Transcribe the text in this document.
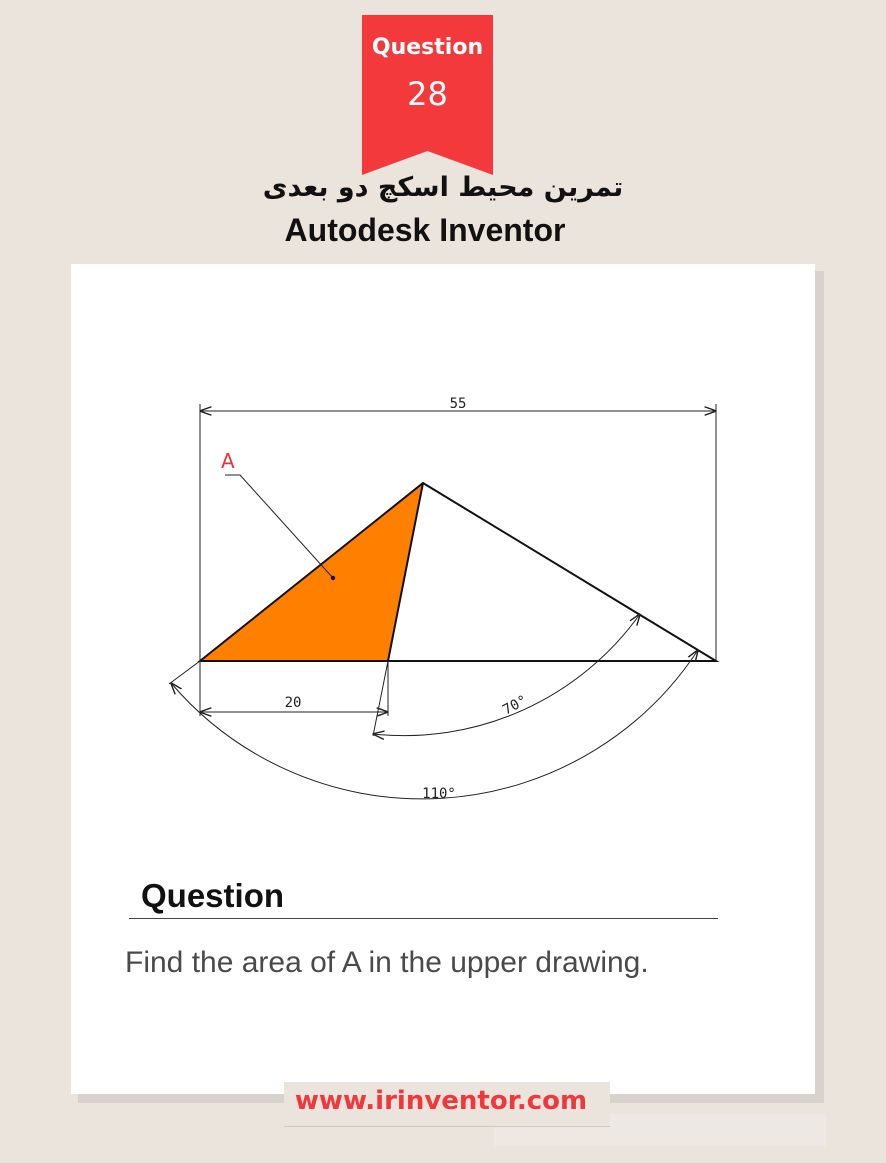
Question
28
تمرین محیط اسکچ دو بعدی
Autodesk Inventor
55
A
20	70°
110°
Question
Find the area of A in the upper drawing.
www.irinventor.com
